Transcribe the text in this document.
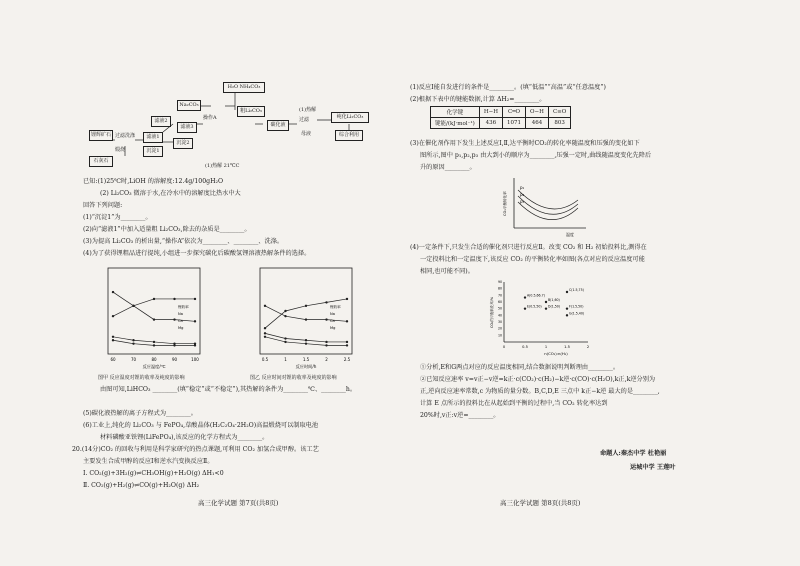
H₂O NH₄CO₃
Na₂CO₃
粗Li₂CO₃
碳化液
纯化Li₂CO₃
(1)热解
过滤
操作A
滤液3
滤液2
滤液1
沉淀1
沉淀2
锂辉矿石
石灰石
过滤洗涤
煅烧
母液
(1)热解 21℃C
综合利用
已知:(1)25℃时,LiOH 的溶解度:12.4g/100gH₂O
(2) Li₂CO₃ 微溶于水,在冷水中的溶解度比热水中大
回答下列问题:
(1)“沉淀1”为________。
(2)向“滤液1”中加入适量粗 Li₂CO₃,除去的杂质是________。
(3)为提高 Li₂CO₃ 的析出量,“操作A”依次为________、________、洗涤。
(4)为了获得锂粗品进行提纯,小组进一步探究碳化后碳酸氢锂溶液热解条件的选择。
60	70	80	90	100
锂收率
Na
Ca
Mg
反应温度/℃
0.5	1	1.5	2	2.5
锂收率
Na
Ca
Mg
反应时间/h
图甲 反应温度对锂的收率及纯度的影响	图乙 反应时间对锂的收率及纯度的影响
由图可知,LiHCO₃ ________(填“稳定”或“不稳定”),其热解的条件为________℃、________h。
(5)碳化液热解的离子方程式为________。
(6)工业上,纯化的 Li₂CO₃ 与 FePO₄,草酸晶体(H₂C₂O₄·2H₂O)高温煅烧可以制取电池
材料磷酸亚铁锂(LiFePO₄),该反应的化学方程式为________。
20.(14分)CO₂ 的回收与利用是科学家研究的热点课题,可利用 CO₂ 加氢合成甲醇。该工艺
主要发生合成甲醇的反应Ⅰ和逆水汽变换反应Ⅱ。
Ⅰ. CO₂(g)+3H₂(g)⇌CH₃OH(g)+H₂O(g) ΔH₁<0
Ⅱ. CO₂(g)+H₂(g)⇌CO(g)+H₂O(g) ΔH₂
高三化学试题 第7页(共8页)
(1)反应Ⅰ能自发进行的条件是________。(填“低温”“高温”或“任意温度”)
(2)根据下表中的键能数据,计算 ΔH₂=________。
化学键	H−H	C═O	O−H	C≡O
键能/(kJ·mol⁻¹)	436	1071	464	803
(3)在催化剂作用下发生上述反应Ⅰ,Ⅱ,达平衡时CO₂的转化率随温度和压强的变化如下
图所示,图中 p₁,p₂,p₃ 由大到小的顺序为________,压强一定时,曲线随温度变化先降后
升的原因________。
p₁
p₂
p₃
CO₂平衡转化率
温度
(4)一定条件下,只发生合适的催化剂只进行反应Ⅱ。改变 CO₂ 和 H₂ 初始投料比,测得在
一定投料比和一定温度下,该反应 CO₂ 的平衡转化率如图(各点对应的反应温度可能
相同,也可能不同)。
0	0.5	1	1.5	2
10
20
30
40
50
60
70
80
90
A(0.5,66.7)
B(1,60)
C(1.5,75)
D(1,50)
E(0.5,50)	F(1.5,50)
G(1.5,40)
n(CO₂):n(H₂)
CO₂的平衡转化率/%
①分析,E和G两点对应的反应温度相同,结合数据说明判断理由________。
②已知反应速率 v=v正−v逆=k正·c(CO₂)·c(H₂)−k逆·c(CO)·c(H₂O),k正,k逆分别为
正,逆向反应速率常数,c 为物质的量分数。B,C,D,E 三点中 k正−k逆 最大的是________,
计算 E 点所示的投料比在从起始到平衡的过程中,当 CO₂ 转化率达到
20%时,v正:v逆=________。
命题人:秦杰中学 杜艳丽
运城中学 王莲叶
高三化学试题 第8页(共8页)
